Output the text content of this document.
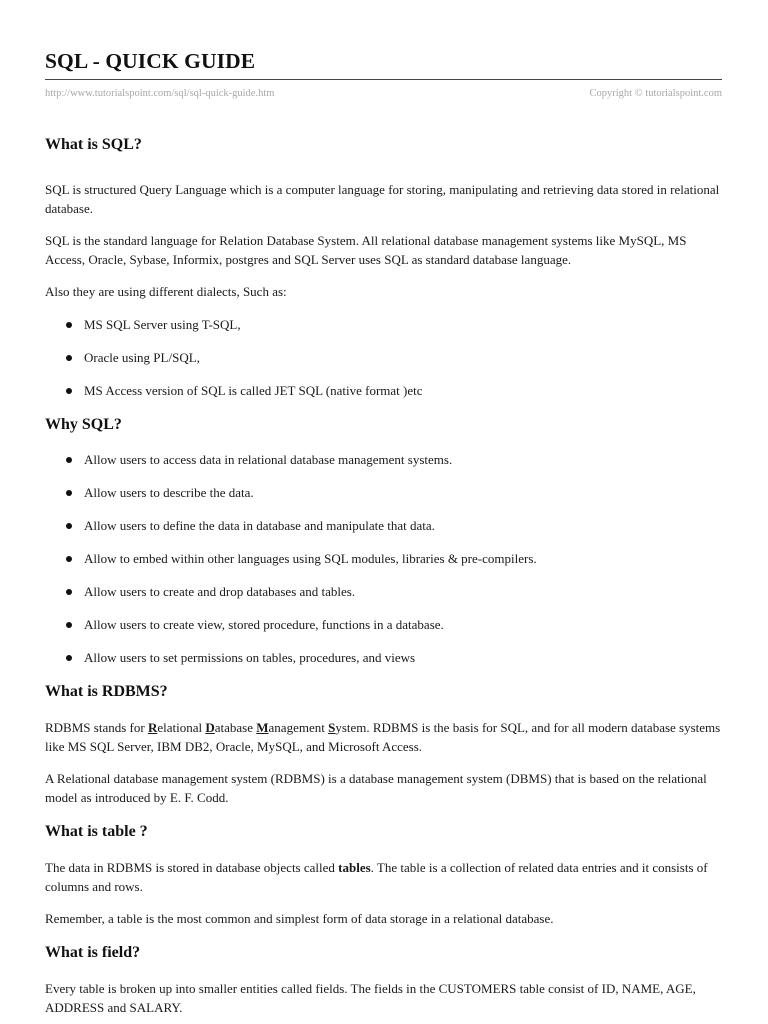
SQL - QUICK GUIDE
http://www.tutorialspoint.com/sql/sql-quick-guide.htm	Copyright © tutorialspoint.com
What is SQL?

SQL is structured Query Language which is a computer language for storing, manipulating and retrieving data stored in relational database.

SQL is the standard language for Relation Database System. All relational database management systems like MySQL, MS Access, Oracle, Sybase, Informix, postgres and SQL Server uses SQL as standard database language.

Also they are using different dialects, Such as:

MS SQL Server using T-SQL,
Oracle using PL/SQL,
MS Access version of SQL is called JET SQL (native format )etc
Why SQL?
Allow users to access data in relational database management systems.
Allow users to describe the data.
Allow users to define the data in database and manipulate that data.
Allow to embed within other languages using SQL modules, libraries & pre-compilers.
Allow users to create and drop databases and tables.
Allow users to create view, stored procedure, functions in a database.
Allow users to set permissions on tables, procedures, and views
What is RDBMS?

RDBMS stands for Relational Database Management System. RDBMS is the basis for SQL, and for all modern database systems like MS SQL Server, IBM DB2, Oracle, MySQL, and Microsoft Access.

A Relational database management system (RDBMS) is a database management system (DBMS) that is based on the relational model as introduced by E. F. Codd.

What is table ?

The data in RDBMS is stored in database objects called tables. The table is a collection of related data entries and it consists of columns and rows.

Remember, a table is the most common and simplest form of data storage in a relational database.

What is field?

Every table is broken up into smaller entities called fields. The fields in the CUSTOMERS table consist of ID, NAME, AGE, ADDRESS and SALARY.
